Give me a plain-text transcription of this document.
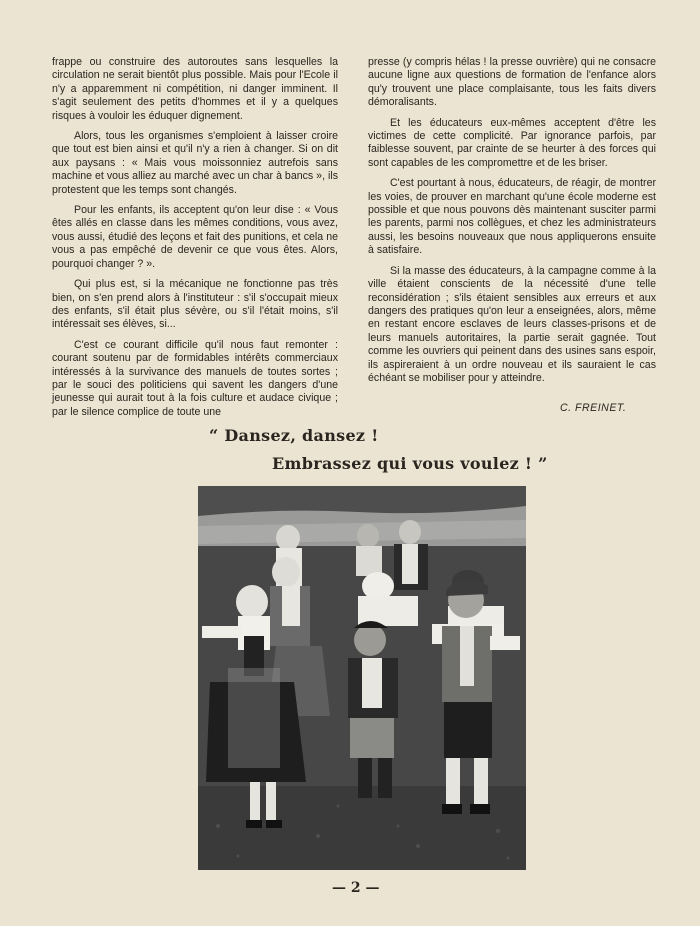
frappe ou construire des autoroutes sans lesquelles la circulation ne serait bientôt plus possible. Mais pour l'Ecole il n'y a apparemment ni compétition, ni danger imminent. Il s'agit seulement des petits d'hommes et il y a quelques risques à vouloir les éduquer dignement.

Alors, tous les organismes s'emploient à laisser croire que tout est bien ainsi et qu'il n'y a rien à changer. Si on dit aux paysans : « Mais vous moissonniez autrefois sans machine et vous alliez au marché avec un char à bancs », ils protestent que les temps sont changés.

Pour les enfants, ils acceptent qu'on leur dise : « Vous êtes allés en classe dans les mêmes conditions, vous avez, vous aussi, étudié des leçons et fait des punitions, et cela ne vous a pas empêché de devenir ce que vous êtes. Alors, pourquoi changer ? ».

Qui plus est, si la mécanique ne fonctionne pas très bien, on s'en prend alors à l'instituteur : s'il s'occupait mieux des enfants, s'il était plus sévère, ou s'il l'était moins, s'il intéressait ses élèves, si...

C'est ce courant difficile qu'il nous faut remonter : courant soutenu par de formidables intérêts commerciaux intéressés à la survivance des manuels de toutes sortes ; par le souci des politiciens qui savent les dangers d'une jeunesse qui aurait tout à la fois culture et audace civique ; par le silence complice de toute une

presse (y compris hélas ! la presse ouvrière) qui ne consacre aucune ligne aux questions de formation de l'enfance alors qu'y trouvent une place complaisante, tous les faits divers démoralisants.

Et les éducateurs eux-mêmes acceptent d'être les victimes de cette complicité. Par ignorance parfois, par faiblesse souvent, par crainte de se heurter à des forces qui sont capables de les compromettre et de les briser.

C'est pourtant à nous, éducateurs, de réagir, de montrer les voies, de prouver en marchant qu'une école moderne est possible et que nous pouvons dès maintenant susciter parmi les parents, parmi nos collègues, et chez les administrateurs aussi, les besoins nouveaux que nous appliquerons ensuite à satisfaire.

Si la masse des éducateurs, à la campagne comme à la ville étaient conscients de la nécessité d'une telle reconsidération ; s'ils étaient sensibles aux erreurs et aux dangers des pratiques qu'on leur a enseignées, alors, même en restant encore esclaves de leurs classes-prisons et de leurs manuels autoritaires, la partie serait gagnée. Tout comme les ouvriers qui peinent dans des usines sans espoir, ils aspireraient à un ordre nouveau et ils sauraient le cas échéant se mobiliser pour y atteindre.

C. FREINET.
“ Dansez, dansez !
Embrassez qui vous voulez ! ”
— 2 —
